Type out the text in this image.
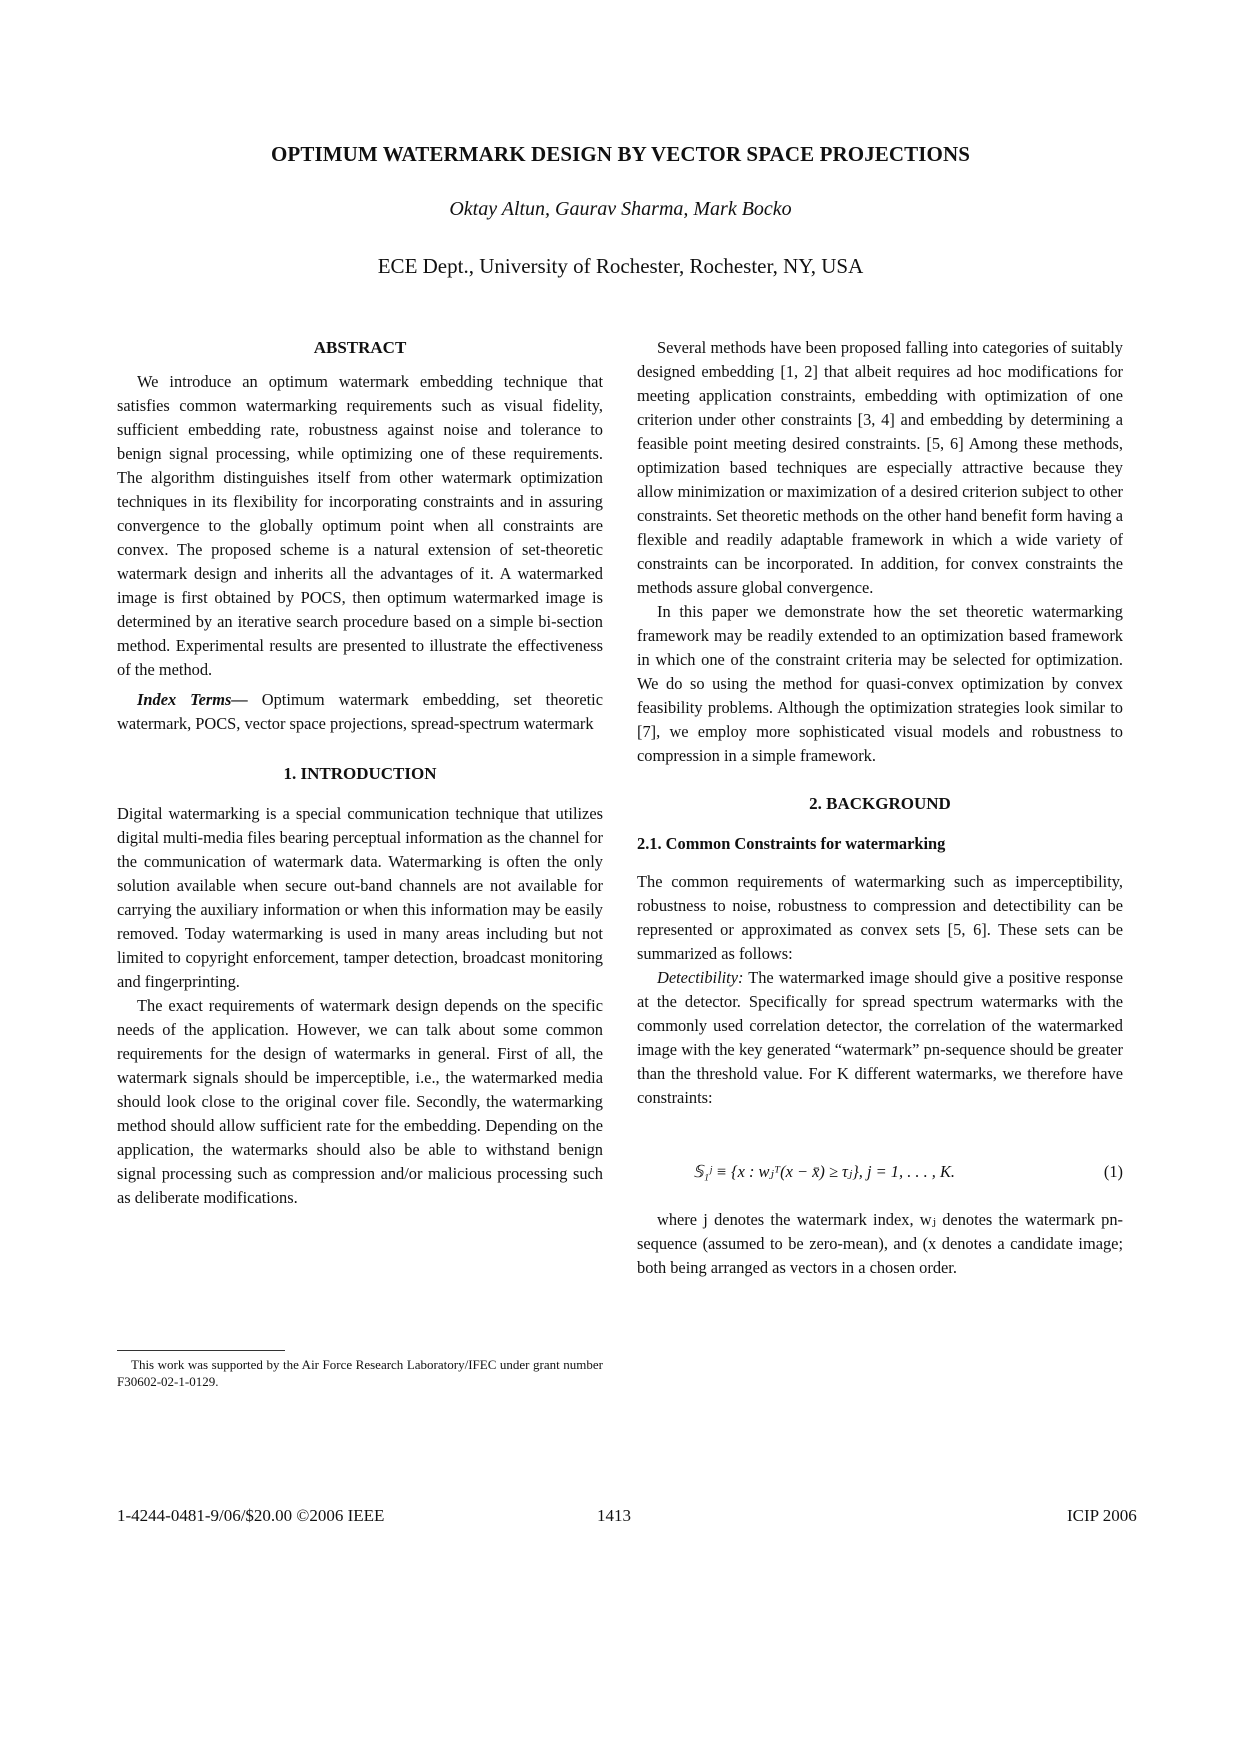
OPTIMUM WATERMARK DESIGN BY VECTOR SPACE PROJECTIONS
Oktay Altun, Gaurav Sharma, Mark Bocko
ECE Dept., University of Rochester, Rochester, NY, USA

ABSTRACT

We introduce an optimum watermark embedding technique that satisfies common watermarking requirements such as visual fidelity, sufficient embedding rate, robustness against noise and tolerance to benign signal processing, while optimizing one of these requirements. The algorithm distinguishes itself from other watermark optimization techniques in its flexibility for incorporating constraints and in assuring convergence to the globally optimum point when all constraints are convex. The proposed scheme is a natural extension of set-theoretic watermark design and inherits all the advantages of it. A watermarked image is first obtained by POCS, then optimum watermarked image is determined by an iterative search procedure based on a simple bi-section method. Experimental results are presented to illustrate the effectiveness of the method.

Index Terms— Optimum watermark embedding, set theoretic watermark, POCS, vector space projections, spread-spectrum watermark

1. INTRODUCTION

Digital watermarking is a special communication technique that utilizes digital multi-media files bearing perceptual information as the channel for the communication of watermark data. Watermarking is often the only solution available when secure out-band channels are not available for carrying the auxiliary information or when this information may be easily removed. Today watermarking is used in many areas including but not limited to copyright enforcement, tamper detection, broadcast monitoring and fingerprinting.

The exact requirements of watermark design depends on the specific needs of the application. However, we can talk about some common requirements for the design of watermarks in general. First of all, the watermark signals should be imperceptible, i.e., the watermarked media should look close to the original cover file. Secondly, the watermarking method should allow sufficient rate for the embedding. Depending on the application, the watermarks should also be able to withstand benign signal processing such as compression and/or malicious processing such as deliberate modifications.

This work was supported by the Air Force Research Laboratory/IFEC under grant number F30602-02-1-0129.

Several methods have been proposed falling into categories of suitably designed embedding [1, 2] that albeit requires ad hoc modifications for meeting application constraints, embedding with optimization of one criterion under other constraints [3, 4] and embedding by determining a feasible point meeting desired constraints. [5, 6] Among these methods, optimization based techniques are especially attractive because they allow minimization or maximization of a desired criterion subject to other constraints. Set theoretic methods on the other hand benefit form having a flexible and readily adaptable framework in which a wide variety of constraints can be incorporated. In addition, for convex constraints the methods assure global convergence.

In this paper we demonstrate how the set theoretic watermarking framework may be readily extended to an optimization based framework in which one of the constraint criteria may be selected for optimization. We do so using the method for quasi-convex optimization by convex feasibility problems. Although the optimization strategies look similar to [7], we employ more sophisticated visual models and robustness to compression in a simple framework.

2. BACKGROUND

2.1. Common Constraints for watermarking

The common requirements of watermarking such as imperceptibility, robustness to noise, robustness to compression and detectibility can be represented or approximated as convex sets [5, 6]. These sets can be summarized as follows:

Detectibility: The watermarked image should give a positive response at the detector. Specifically for spread spectrum watermarks with the commonly used correlation detector, the correlation of the watermarked image with the key generated “watermark” pn-sequence should be greater than the threshold value. For K different watermarks, we therefore have constraints:

𝕊₁ʲ ≡ {x : wⱼᵀ(x − x̄) ≥ τⱼ}, j = 1, . . . , K.	(1)

where j denotes the watermark index, wⱼ denotes the watermark pn-sequence (assumed to be zero-mean), and (x denotes a candidate image; both being arranged as vectors in a chosen order.

1-4244-0481-9/06/$20.00 ©2006 IEEE	1413	ICIP 2006
